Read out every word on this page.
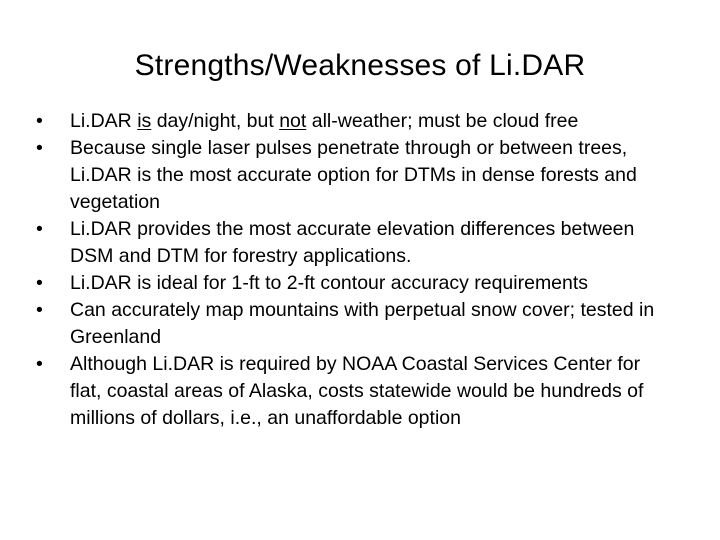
Strengths/Weaknesses of Li.DAR
•	Li.DAR is day/night, but not all-weather; must be cloud free
•	Because single laser pulses penetrate through or between trees, Li.DAR is the most accurate option for DTMs in dense forests and vegetation
•	Li.DAR provides the most accurate elevation differences between DSM and DTM for forestry applications.
•	Li.DAR is ideal for 1-ft to 2-ft contour accuracy requirements
•	Can accurately map mountains with perpetual snow cover; tested in Greenland
•	Although Li.DAR is required by NOAA Coastal Services Center for flat, coastal areas of Alaska, costs statewide would be hundreds of millions of dollars, i.e., an unaffordable option
